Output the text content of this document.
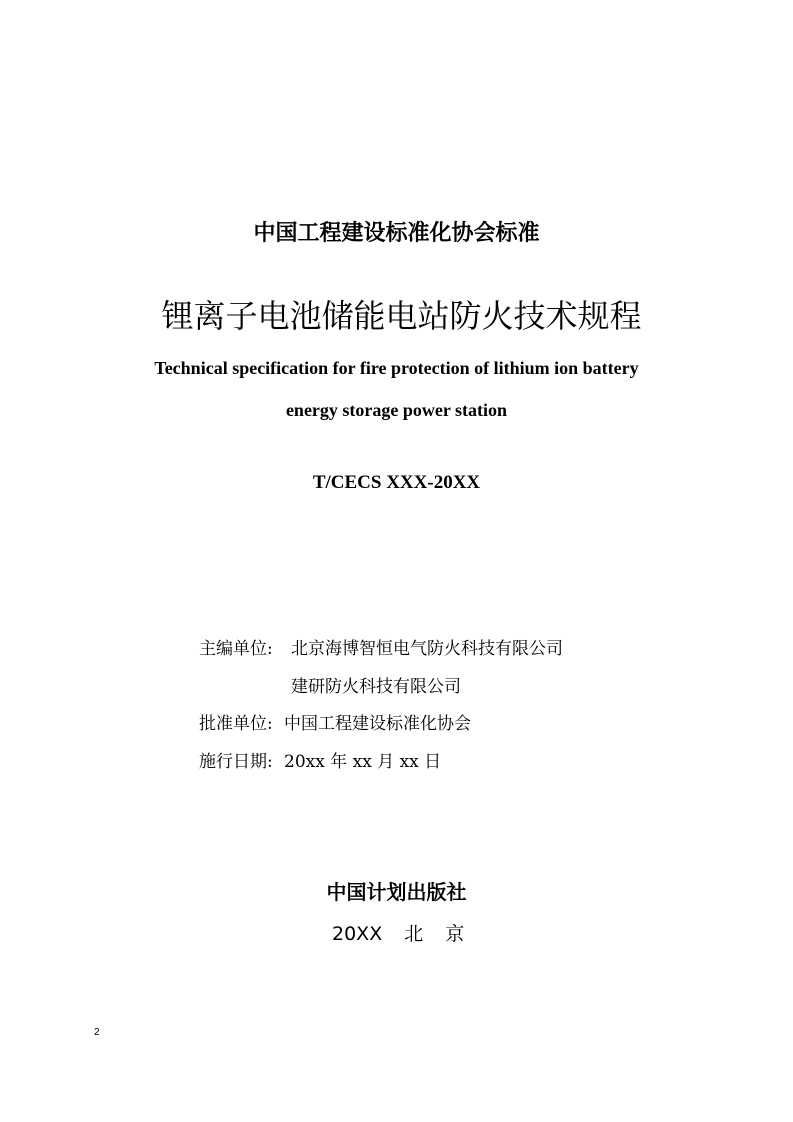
中国工程建设标准化协会标准
锂离子电池储能电站防火技术规程
Technical specification for fire protection of lithium ion battery
energy storage power station
T/CECS XXX-20XX
主编单位: 北京海博智恒电气防火科技有限公司
建研防火科技有限公司
批准单位: 中国工程建设标准化协会
施行日期: 20xx 年 xx 月 xx 日
中国计划出版社
20XX 北 京
2
